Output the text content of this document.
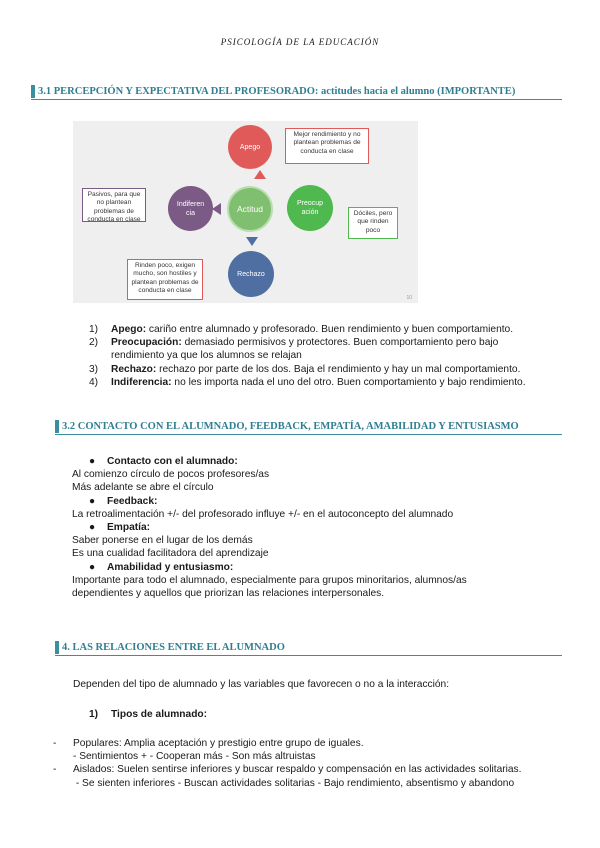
PSICOLOGÍA DE LA EDUCACIÓN
3.1 PERCEPCIÓN Y EXPECTATIVA DEL PROFESORADO: actitudes hacia el alumno (IMPORTANTE)
Apego
Actitud	Preocup
ación
Rechazo
Indiferen
cia
Mejor rendimiento y no plantean problemas de conducta en clase
Dóciles, pero que rinden poco
Rinden poco, exigen mucho, son hostiles y plantean problemas de conducta en clase
Pasivos, para que no plantean problemas de conducta en clase
10
1) Apego: cariño entre alumnado y profesorado. Buen rendimiento y buen comportamiento.
2) Preocupación: demasiado permisivos y protectores. Buen comportamiento pero bajo
rendimiento ya que los alumnos se relajan
3) Rechazo: rechazo por parte de los dos. Baja el rendimiento y hay un mal comportamiento.
4) Indiferencia: no les importa nada el uno del otro. Buen comportamiento y bajo rendimiento.
3.2 CONTACTO CON EL ALUMNADO, FEEDBACK, EMPATÍA, AMABILIDAD Y ENTUSIASMO
● Contacto con el alumnado:
Al comienzo círculo de pocos profesores/as
Más adelante se abre el círculo
● Feedback:
La retroalimentación +/- del profesorado influye +/- en el autoconcepto del alumnado
● Empatía:
Saber ponerse en el lugar de los demás
Es una cualidad facilitadora del aprendizaje
● Amabilidad y entusiasmo:
Importante para todo el alumnado, especialmente para grupos minoritarios, alumnos/as
dependientes y aquellos que priorizan las relaciones interpersonales.
4. LAS RELACIONES ENTRE EL ALUMNADO
Dependen del tipo de alumnado y las variables que favorecen o no a la interacción:
1) Tipos de alumnado:
- Populares: Amplia aceptación y prestigio entre grupo de iguales.
- Sentimientos + - Cooperan más - Son más altruistas
- Aislados: Suelen sentirse inferiores y buscar respaldo y compensación en las actividades solitarias.
- Se sienten inferiores - Buscan actividades solitarias - Bajo rendimiento, absentismo y abandono
